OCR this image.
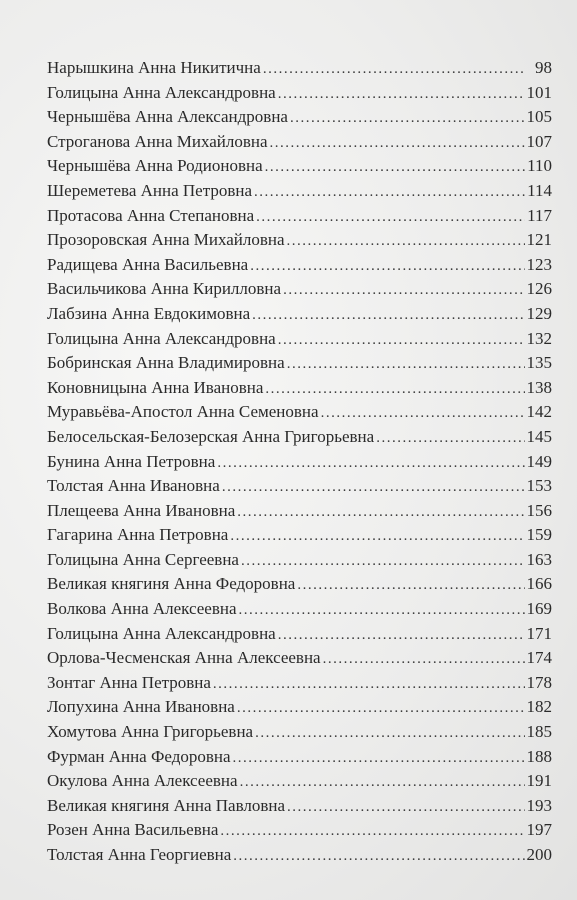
Нарышкина Анна Никитична .....	98
Голицына Анна Александровна .....	101
Чернышёва Анна Александровна .....	105
Строганова Анна Михайловна .....	107
Чернышёва Анна Родионовна .....	110
Шереметева Анна Петровна .....	114
Протасова Анна Степановна .....	117
Прозоровская Анна Михайловна .....	121
Радищева Анна Васильевна .....	123
Васильчикова Анна Кирилловна .....	126
Лабзина Анна Евдокимовна .....	129
Голицына Анна Александровна .....	132
Бобринская Анна Владимировна .....	135
Коновницына Анна Ивановна .....	138
Муравьёва-Апостол Анна Семеновна .....	142
Белосельская-Белозерская Анна Григорьевна .....	145
Бунина Анна Петровна .....	149
Толстая Анна Ивановна .....	153
Плещеева Анна Ивановна .....	156
Гагарина Анна Петровна .....	159
Голицына Анна Сергеевна .....	163
Великая княгиня Анна Федоровна .....	166
Волкова Анна Алексеевна .....	169
Голицына Анна Александровна .....	171
Орлова-Чесменская Анна Алексеевна .....	174
Зонтаг Анна Петровна .....	178
Лопухина Анна Ивановна .....	182
Хомутова Анна Григорьевна .....	185
Фурман Анна Федоровна .....	188
Окулова Анна Алексеевна .....	191
Великая княгиня Анна Павловна .....	193
Розен Анна Васильевна .....	197
Толстая Анна Георгиевна .....	200
